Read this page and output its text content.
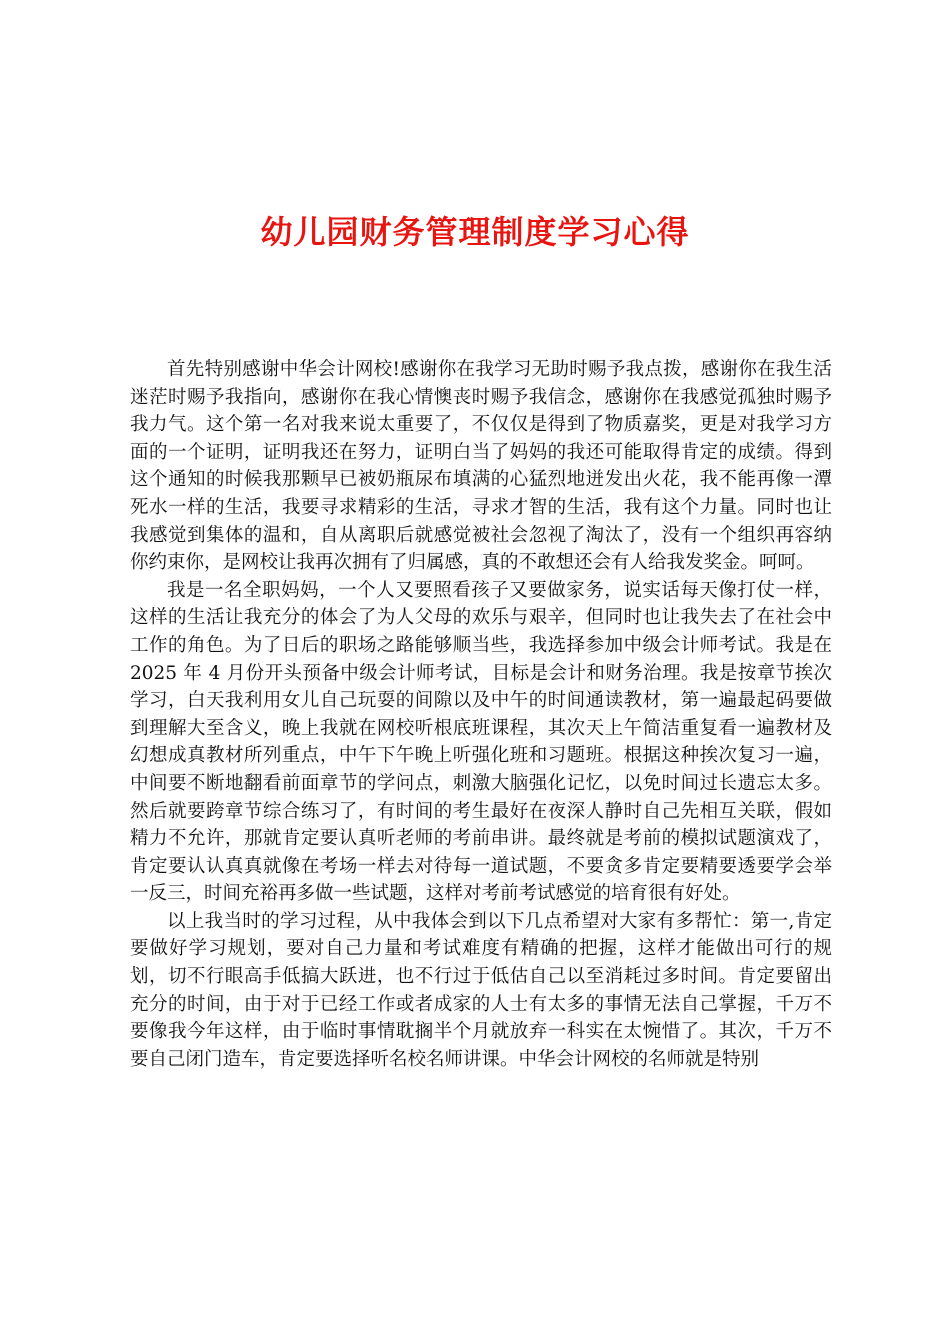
幼儿园财务管理制度学习心得

首先特别感谢中华会计网校!感谢你在我学习无助时赐予我点拨，感谢你在我生活迷茫时赐予我指向，感谢你在我心情懊丧时赐予我信念，感谢你在我感觉孤独时赐予我力气。这个第一名对我来说太重要了，不仅仅是得到了物质嘉奖，更是对我学习方面的一个证明，证明我还在努力，证明白当了妈妈的我还可能取得肯定的成绩。得到这个通知的时候我那颗早已被奶瓶尿布填满的心猛烈地迸发出火花，我不能再像一潭死水一样的生活，我要寻求精彩的生活，寻求才智的生活，我有这个力量。同时也让我感觉到集体的温和，自从离职后就感觉被社会忽视了淘汰了，没有一个组织再容纳你约束你，是网校让我再次拥有了归属感，真的不敢想还会有人给我发奖金。呵呵。

我是一名全职妈妈，一个人又要照看孩子又要做家务，说实话每天像打仗一样，这样的生活让我充分的体会了为人父母的欢乐与艰辛，但同时也让我失去了在社会中工作的角色。为了日后的职场之路能够顺当些，我选择参加中级会计师考试。我是在 2025 年 4 月份开头预备中级会计师考试，目标是会计和财务治理。我是按章节挨次学习，白天我利用女儿自己玩耍的间隙以及中午的时间通读教材，第一遍最起码要做到理解大至含义，晚上我就在网校听根底班课程，其次天上午简洁重复看一遍教材及幻想成真教材所列重点，中午下午晚上听强化班和习题班。根据这种挨次复习一遍，中间要不断地翻看前面章节的学问点，刺激大脑强化记忆，以免时间过长遗忘太多。然后就要跨章节综合练习了，有时间的考生最好在夜深人静时自己先相互关联，假如精力不允许，那就肯定要认真听老师的考前串讲。最终就是考前的模拟试题演戏了，肯定要认认真真就像在考场一样去对待每一道试题，不要贪多肯定要精要透要学会举一反三，时间充裕再多做一些试题，这样对考前考试感觉的培育很有好处。

以上我当时的学习过程，从中我体会到以下几点希望对大家有多帮忙：第一,肯定要做好学习规划，要对自己力量和考试难度有精确的把握，这样才能做出可行的规划，切不行眼高手低搞大跃进，也不行过于低估自己以至消耗过多时间。肯定要留出充分的时间，由于对于已经工作或者成家的人士有太多的事情无法自己掌握，千万不要像我今年这样，由于临时事情耽搁半个月就放弃一科实在太惋惜了。其次，千万不要自己闭门造车，肯定要选择听名校名师讲课。中华会计网校的名师就是特别
